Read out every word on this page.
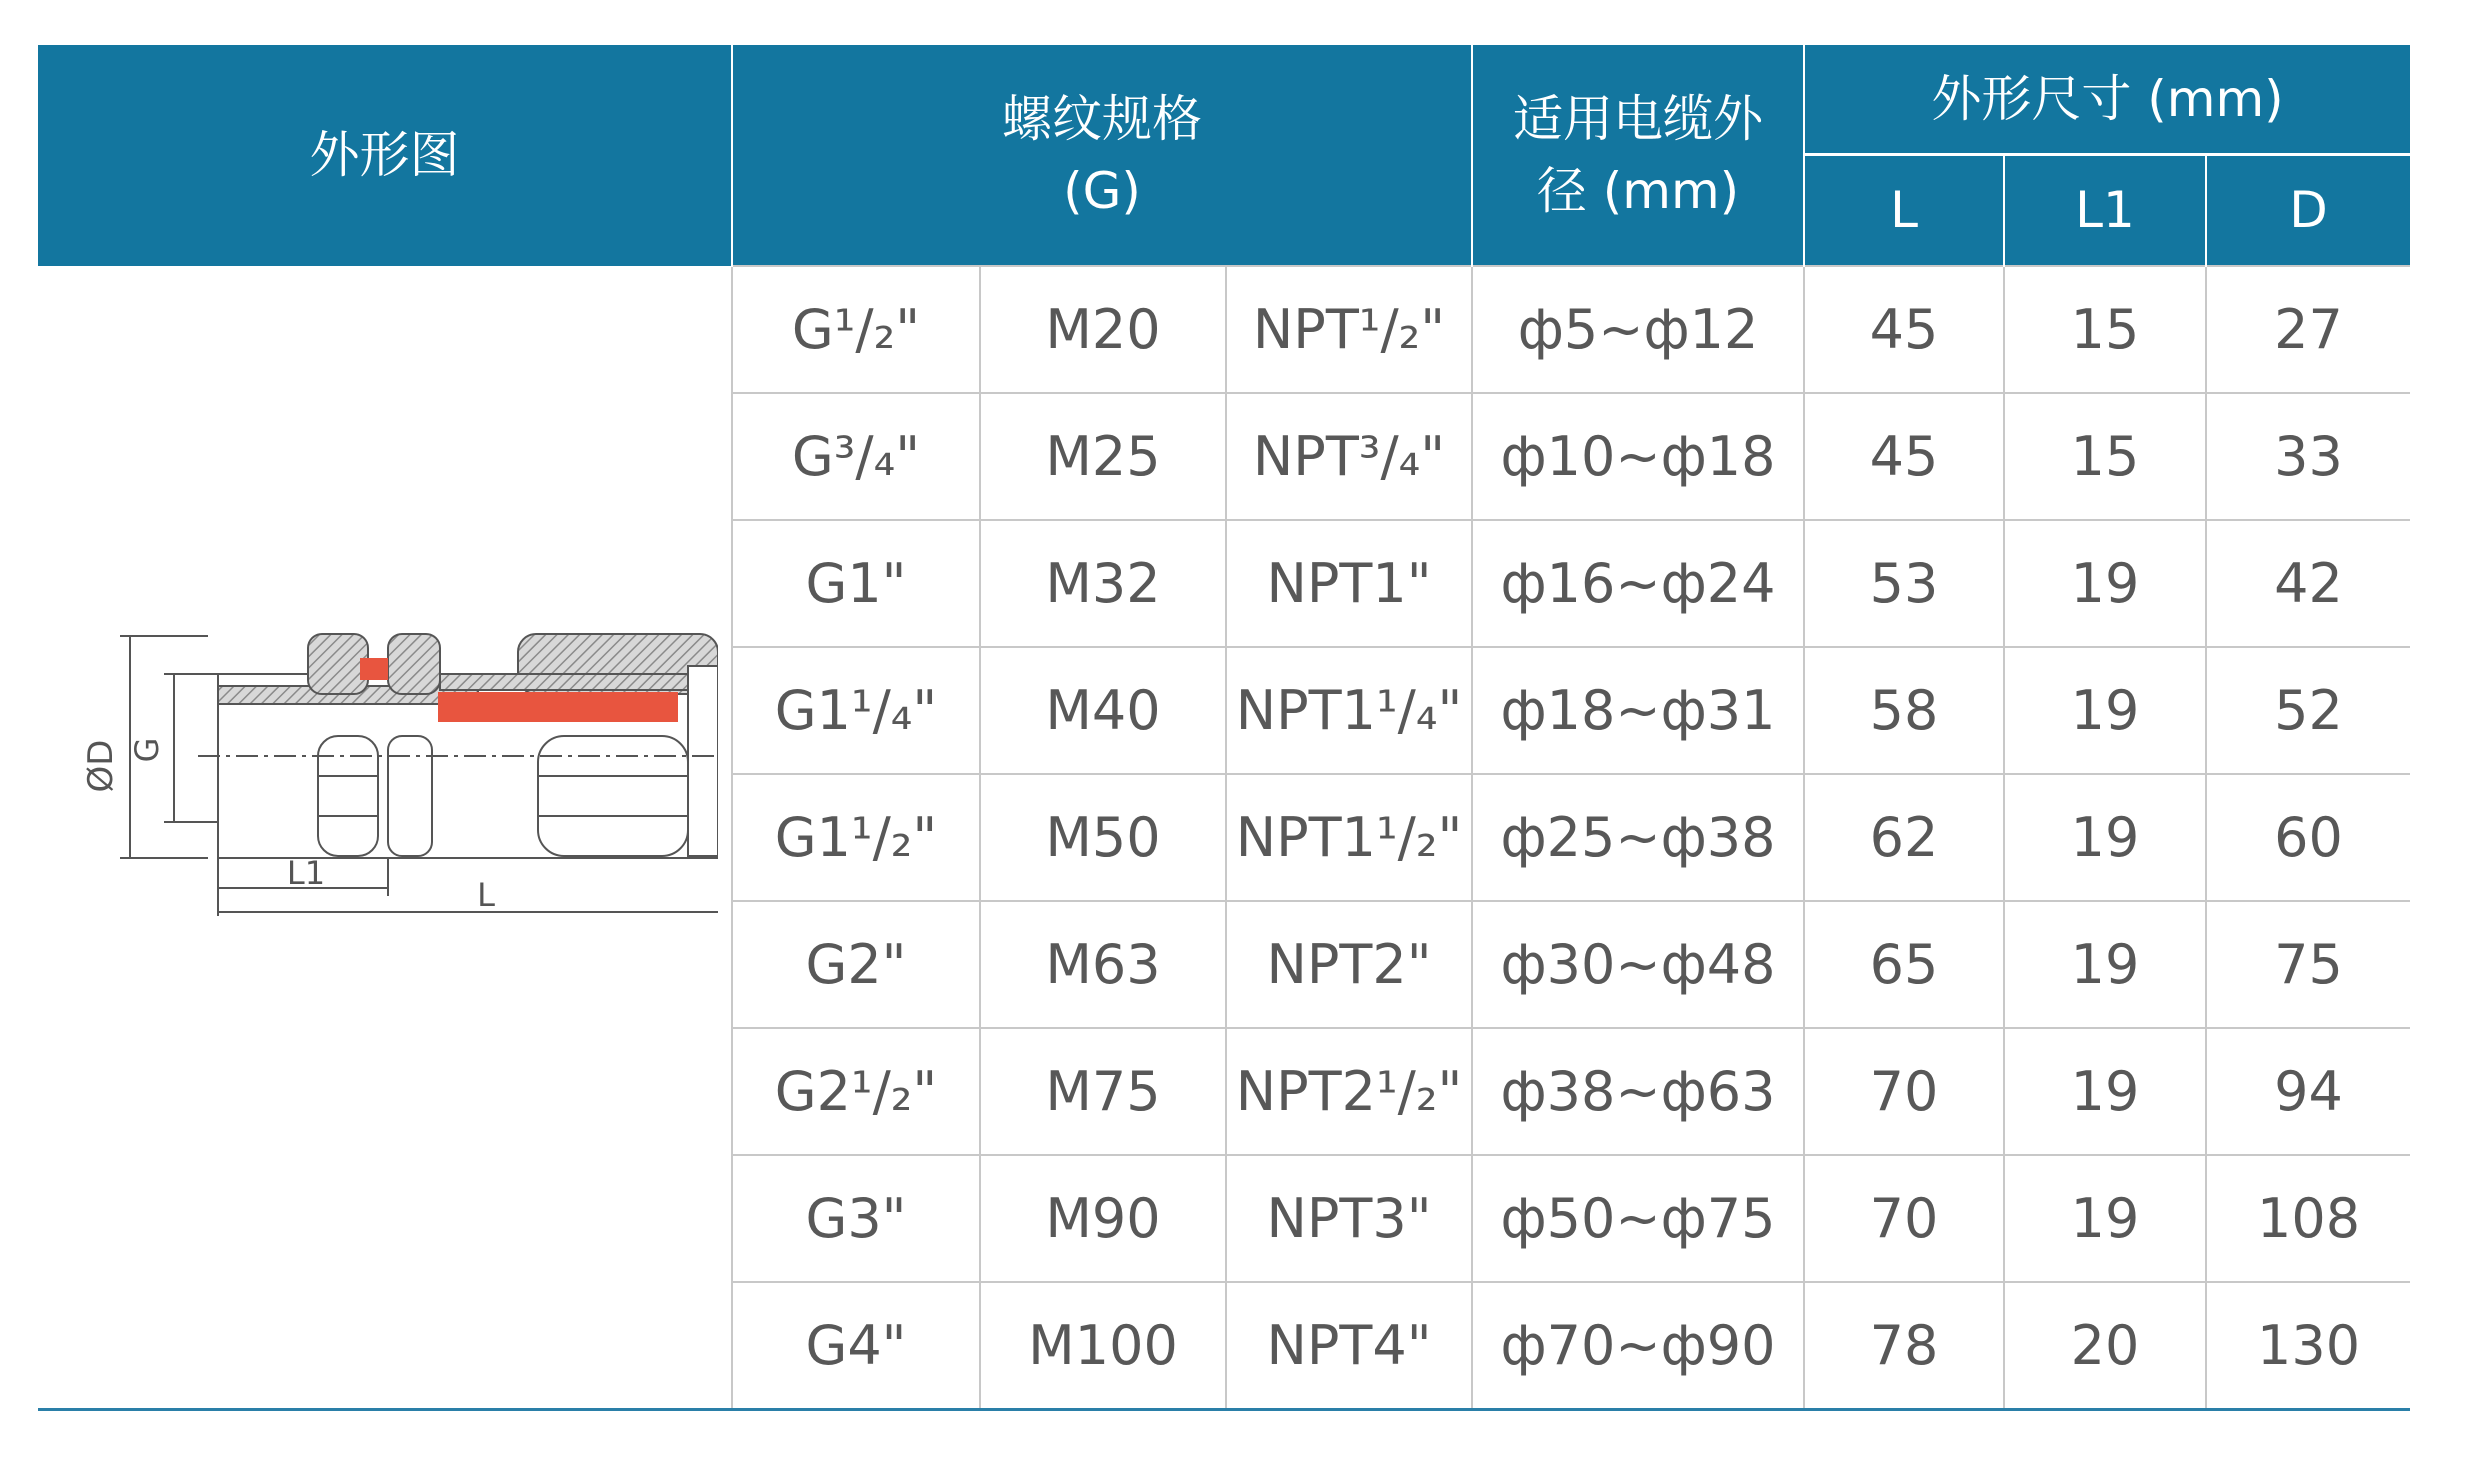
外形图	螺纹规格
(G)			适用电缆外
径 (mm)	外形尺寸 (mm)		
					L	L1	D

ØD G
L1
L	G¹/₂"	M20	NPT¹/₂"	ф5~ф12	45	15	27
	G³/₄"	M25	NPT³/₄"	ф10~ф18	45	15	33
	G1"	M32	NPT1"	ф16~ф24	53	19	42
	G1¹/₄"	M40	NPT1¹/₄"	ф18~ф31	58	19	52
	G1¹/₂"	M50	NPT1¹/₂"	ф25~ф38	62	19	60
	G2"	M63	NPT2"	ф30~ф48	65	19	75
	G2¹/₂"	M75	NPT2¹/₂"	ф38~ф63	70	19	94
	G3"	M90	NPT3"	ф50~ф75	70	19	108
	G4"	M100	NPT4"	ф70~ф90	78	20	130
